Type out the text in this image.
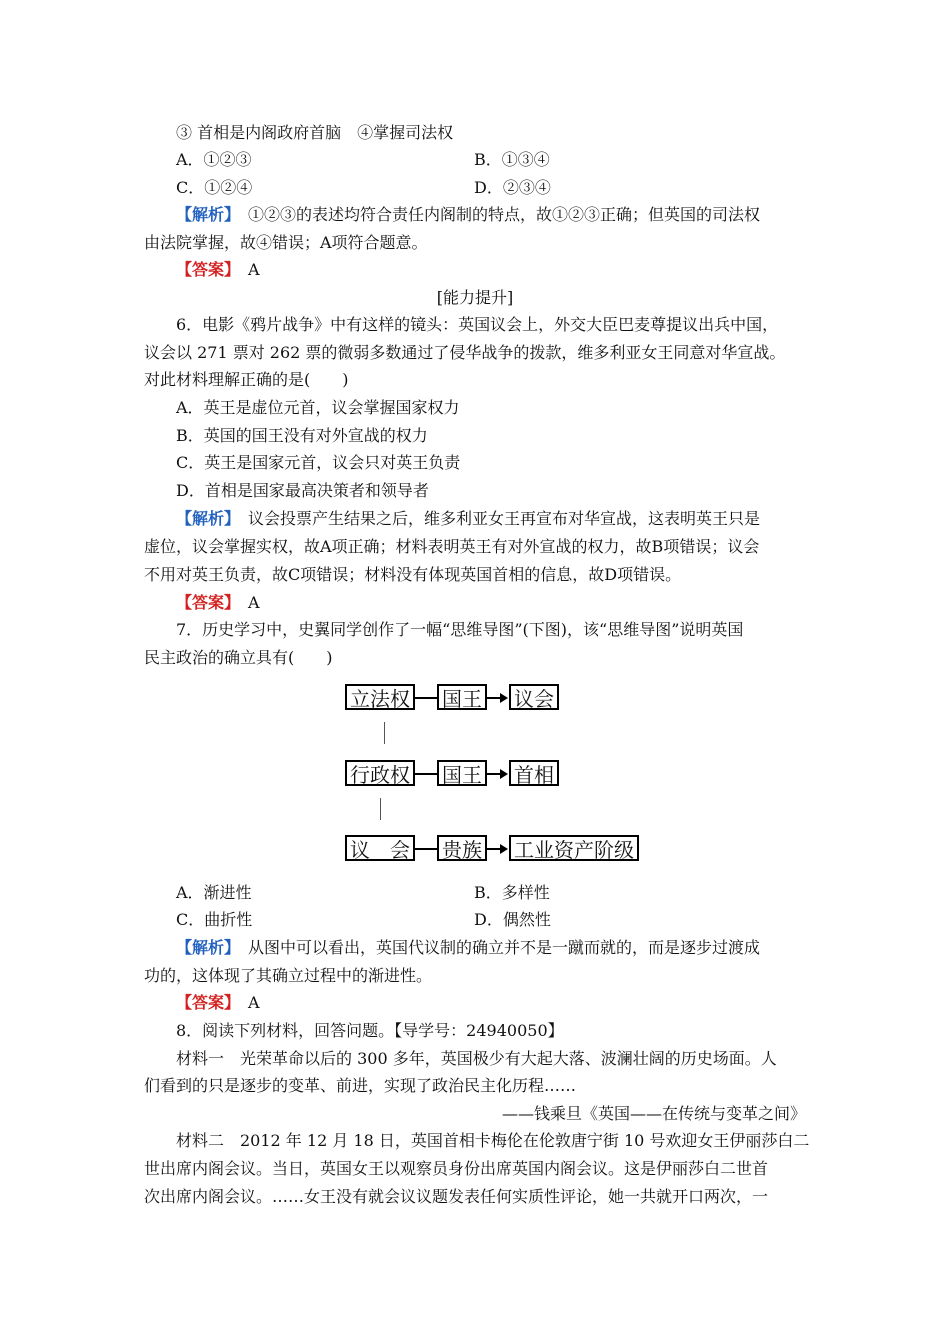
③ 首相是内阁政府首脑　④掌握司法权
A．①②③	B．①③④
C．①②④	D．②③④
【解析】　①②③的表述均符合责任内阁制的特点，故①②③正确；但英国的司法权
由法院掌握，故④错误；A项符合题意。
【答案】　A
[能力提升]
6．电影《鸦片战争》中有这样的镜头：英国议会上，外交大臣巴麦尊提议出兵中国，
议会以 271 票对 262 票的微弱多数通过了侵华战争的拨款，维多利亚女王同意对华宣战。
对此材料理解正确的是(　　)
A．英王是虚位元首，议会掌握国家权力
B．英国的国王没有对外宣战的权力
C．英王是国家元首，议会只对英王负责
D．首相是国家最高决策者和领导者
【解析】　议会投票产生结果之后，维多利亚女王再宣布对华宣战，这表明英王只是
虚位，议会掌握实权，故A项正确；材料表明英王有对外宣战的权力，故B项错误；议会
不用对英王负责，故C项错误；材料没有体现英国首相的信息，故D项错误。
【答案】　A
7．历史学习中，史翼同学创作了一幅“思维导图”(下图)，该“思维导图”说明英国
民主政治的确立具有(　　)
立法权 国王 议会
行政权 国王 首相
议　会 贵族 工业资产阶级
A．渐进性	B．多样性
C．曲折性	D．偶然性
【解析】　从图中可以看出，英国代议制的确立并不是一蹴而就的，而是逐步过渡成
功的，这体现了其确立过程中的渐进性。
【答案】　A
8．阅读下列材料，回答问题。【导学号：24940050】
材料一　光荣革命以后的 300 多年，英国极少有大起大落、波澜壮阔的历史场面。人
们看到的只是逐步的变革、前进，实现了政治民主化历程……
——钱乘旦《英国——在传统与变革之间》
材料二　2012 年 12 月 18 日，英国首相卡梅伦在伦敦唐宁街 10 号欢迎女王伊丽莎白二
世出席内阁会议。当日，英国女王以观察员身份出席英国内阁会议。这是伊丽莎白二世首
次出席内阁会议。……女王没有就会议议题发表任何实质性评论，她一共就开口两次，一
